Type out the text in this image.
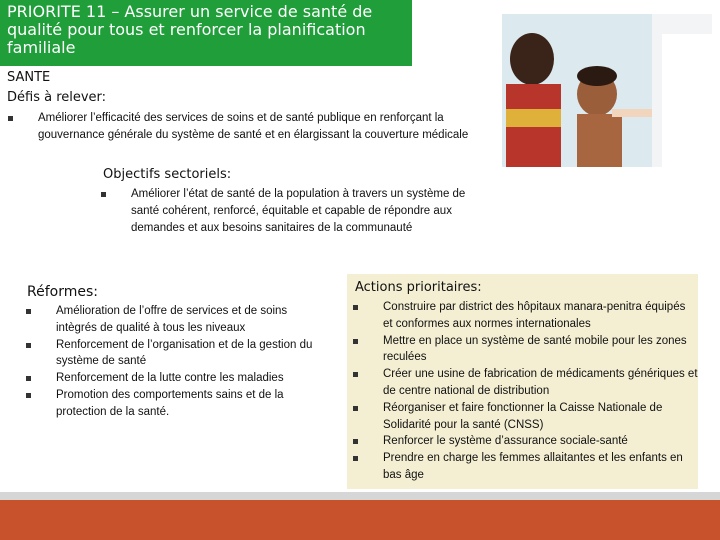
PRIORITE 11 – Assurer un service de santé de qualité pour tous et renforcer la planification familiale
SANTE
Défis à relever:
Améliorer l’efficacité des services de soins et de santé publique en renforçant la gouvernance générale du système de santé et en élargissant la couverture médicale
Objectifs sectoriels:
Améliorer l’état de santé de la population à travers un système de santé cohérent, renforcé, équitable et capable de répondre aux demandes et aux besoins sanitaires de la communauté
Réformes:
Amélioration de l’offre de services et de soins intègrés de qualité à tous les niveaux
Renforcement de l’organisation et de la gestion du système de santé
Renforcement de la lutte contre les maladies
Promotion des comportements sains et de la protection de la santé.
Actions prioritaires:
Construire par district des hôpitaux manara-penitra équipés et conformes aux normes internationales
Mettre en place un système de santé mobile pour les zones reculées
Créer une usine de fabrication de médicaments génériques et de centre national de distribution
Réorganiser et faire fonctionner la Caisse Nationale de Solidarité pour la santé (CNSS)
Renforcer le système d’assurance sociale-santé
Prendre en charge les femmes allaitantes et les enfants en bas âge
